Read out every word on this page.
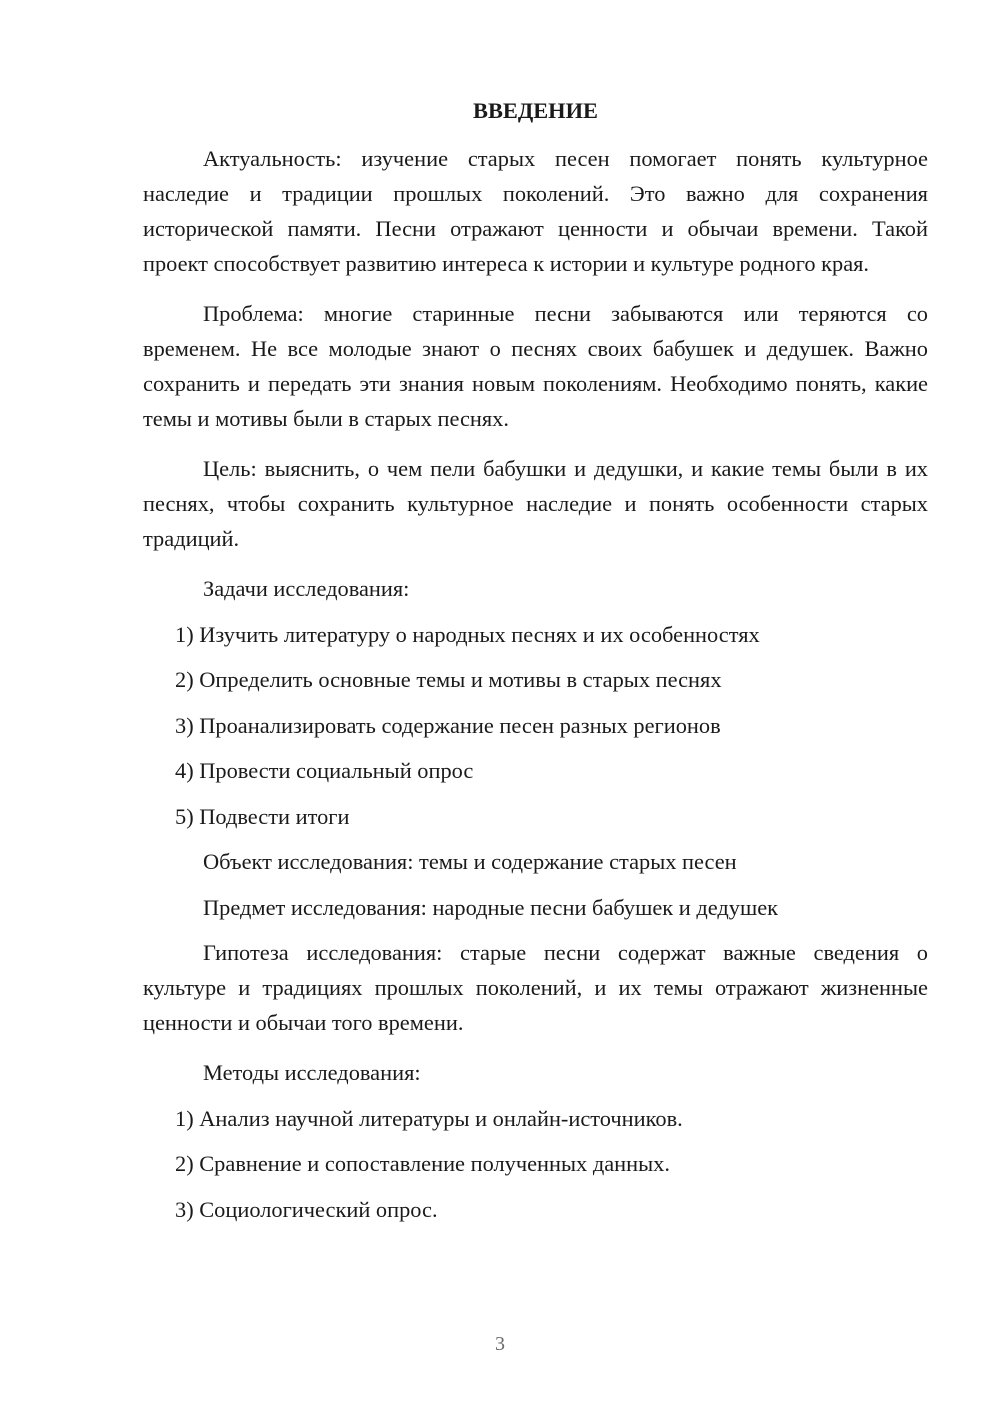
ВВЕДЕНИЕ

Актуальность: изучение старых песен помогает понять культурное наследие и традиции прошлых поколений. Это важно для сохранения исторической памяти. Песни отражают ценности и обычаи времени. Такой проект способствует развитию интереса к истории и культуре родного края.

Проблема: многие старинные песни забываются или теряются со временем. Не все молодые знают о песнях своих бабушек и дедушек. Важно сохранить и передать эти знания новым поколениям. Необходимо понять, какие темы и мотивы были в старых песнях.

Цель: выяснить, о чем пели бабушки и дедушки, и какие темы были в их песнях, чтобы сохранить культурное наследие и понять особенности старых традиций.

Задачи исследования:
1) Изучить литературу о народных песнях и их особенностях
2) Определить основные темы и мотивы в старых песнях
3) Проанализировать содержание песен разных регионов
4) Провести социальный опрос
5) Подвести итоги
Объект исследования: темы и содержание старых песен
Предмет исследования: народные песни бабушек и дедушек

Гипотеза исследования: старые песни содержат важные сведения о культуре и традициях прошлых поколений, и их темы отражают жизненные ценности и обычаи того времени.

Методы исследования:
1) Анализ научной литературы и онлайн-источников.
2) Сравнение и сопоставление полученных данных.
3) Социологический опрос.
3
